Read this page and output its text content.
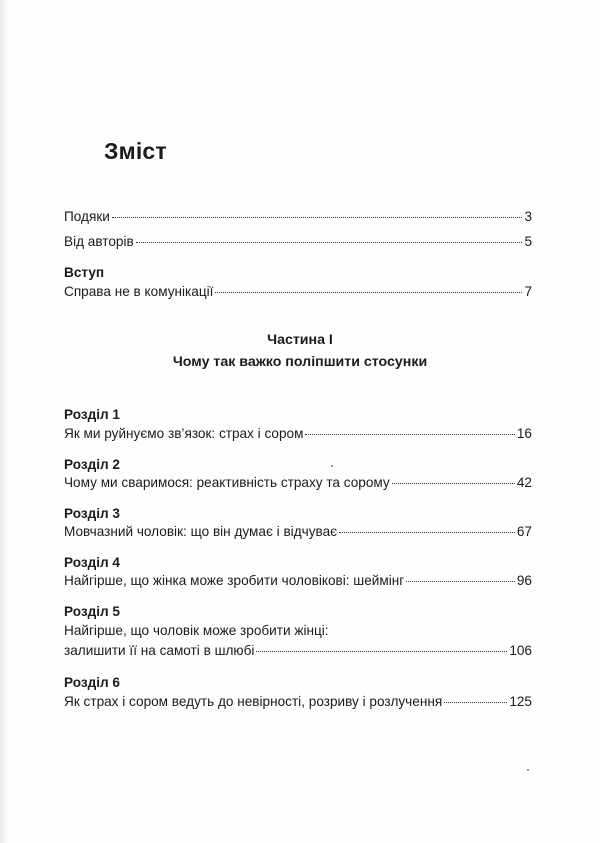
Зміст
Подяки	3
Від авторів	5
Вступ
Справа не в комунікації	7
Частина I
Чому так важко поліпшити стосунки
Розділ 1
Як ми руйнуємо зв’язок: страх і сором	16
Розділ 2
Чому ми сваримося: реактивність страху та сорому	42
Розділ 3
Мовчазний чоловік: що він думає і відчуває	67
Розділ 4
Найгірше, що жінка може зробити чоловікові: шеймінг	96
Розділ 5
Найгірше, що чоловік може зробити жінці:
залишити її на самоті в шлюбі	106
Розділ 6
Як страх і сором ведуть до невірності, розриву і розлучення	125
